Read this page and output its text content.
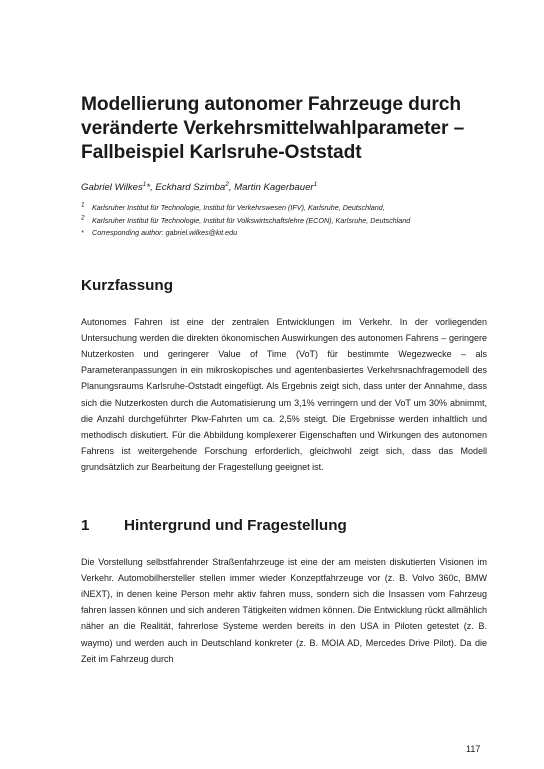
Modellierung autonomer Fahrzeuge durch veränderte Verkehrsmittelwahlparameter – Fallbeispiel Karlsruhe-Oststadt
Gabriel Wilkes$^1$*, Eckhard Szimba$^2$, Martin Kagerbauer$^1$
$^1$	Karlsruher Institut für Technologie, Institut für Verkehrswesen (IFV), Karlsruhe, Deutschland,
$^2$	Karlsruher Institut für Technologie, Institut für Volkswirtschaftslehre (ECON), Karlsruhe, Deutschland
*	Corresponding author: gabriel.wilkes@kit.edu
Kurzfassung

Autonomes Fahren ist eine der zentralen Entwicklungen im Verkehr. In der vorliegenden Untersuchung werden die direkten ökonomischen Auswirkungen des autonomen Fahrens – geringere Nutzerkosten und geringerer Value of Time (VoT) für bestimmte Wegezwecke – als Parameteranpassungen in ein mikroskopisches und agentenbasiertes Verkehrsnachfragemodell des Planungsraums Karlsruhe-Oststadt eingefügt. Als Ergebnis zeigt sich, dass unter der Annahme, dass sich die Nutzerkosten durch die Automatisierung um 3,1% verringern und der VoT um 30% abnimmt, die Anzahl durchgeführter Pkw-Fahrten um ca. 2,5% steigt. Die Ergebnisse werden inhaltlich und methodisch diskutiert. Für die Abbildung komplexerer Eigenschaften und Wirkungen des autonomen Fahrens ist weitergehende Forschung erforderlich, gleichwohl zeigt sich, dass das Modell grundsätzlich zur Bearbeitung der Fragestellung geeignet ist.

1	Hintergrund und Fragestellung

Die Vorstellung selbstfahrender Straßenfahrzeuge ist eine der am meisten diskutierten Visionen im Verkehr. Automobilhersteller stellen immer wieder Konzeptfahrzeuge vor (z. B. Volvo 360c, BMW iNEXT), in denen keine Person mehr aktiv fahren muss, sondern sich die Insassen vom Fahrzeug fahren lassen können und sich anderen Tätigkeiten widmen können. Die Entwicklung rückt allmählich näher an die Realität, fahrerlose Systeme werden bereits in den USA in Piloten getestet (z. B. waymo) und werden auch in Deutschland konkreter (z. B. MOIA AD, Mercedes Drive Pilot). Da die Zeit im Fahrzeug durch

117
